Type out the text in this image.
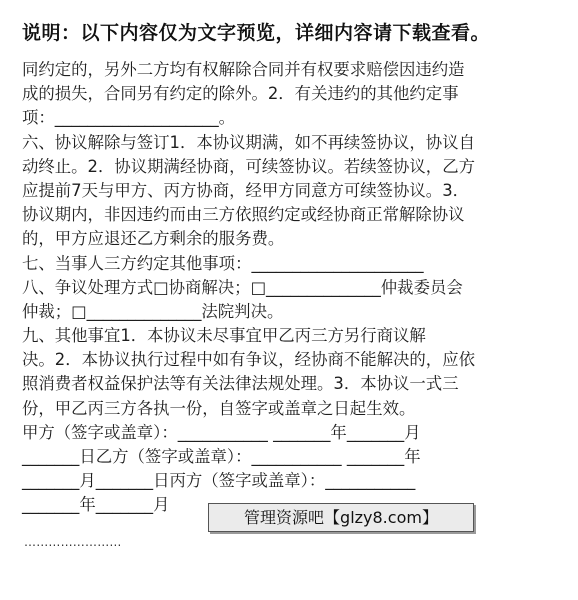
说明：以下内容仅为文字预览，详细内容请下载查看。
同约定的，另外二方均有权解除合同并有权要求赔偿因违约造
成的损失，合同另有约定的除外。2．有关违约的其他约定事
项：____________________。
六、协议解除与签订1．本协议期满，如不再续签协议，协议自
动终止。2．协议期满经协商，可续签协议。若续签协议，乙方
应提前7天与甲方、丙方协商，经甲方同意方可续签协议。3．
协议期内，非因违约而由三方依照约定或经协商正常解除协议
的，甲方应退还乙方剩余的服务费。
七、当事人三方约定其他事项：_____________________
八、争议处理方式□协商解决；□______________仲裁委员会
仲裁；□______________法院判决。
九、其他事宜1．本协议未尽事宜甲乙丙三方另行商议解
决。2．本协议执行过程中如有争议，经协商不能解决的，应依
照消费者权益保护法等有关法律法规处理。3．本协议一式三
份，甲乙丙三方各执一份，自签字或盖章之日起生效。
甲方（签字或盖章）：___________ _______年_______月
_______日乙方（签字或盖章）：___________ _______年
_______月_______日丙方（签字或盖章）：___________
_______年_______月
管理资源吧【glzy8.com】
……………………
